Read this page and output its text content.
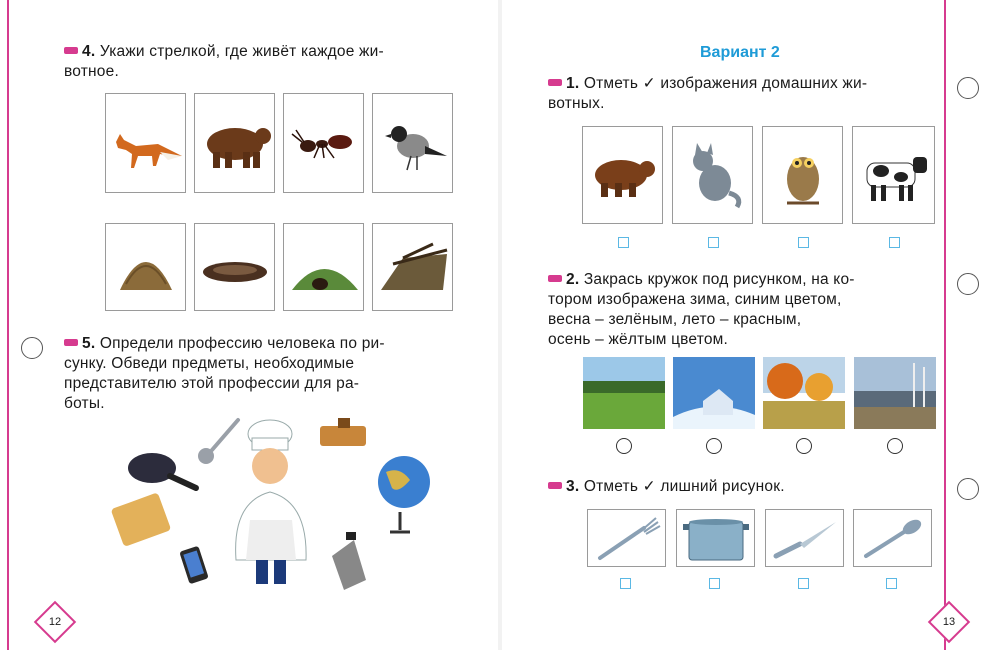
4. Укажи стрелкой, где живёт каждое жи-
вотное.
5. Определи профессию человека по ри-
сунку. Обведи предметы, необходимые
представителю этой профессии для ра-
боты.
12
Вариант 2
1. Отметь ✓ изображения домашних жи-
вотных.
2. Закрась кружок под рисунком, на ко-
тором изображена зима, синим цветом,
весна – зелёным, лето – красным,
осень – жёлтым цветом.
3. Отметь ✓ лишний рисунок.
13
